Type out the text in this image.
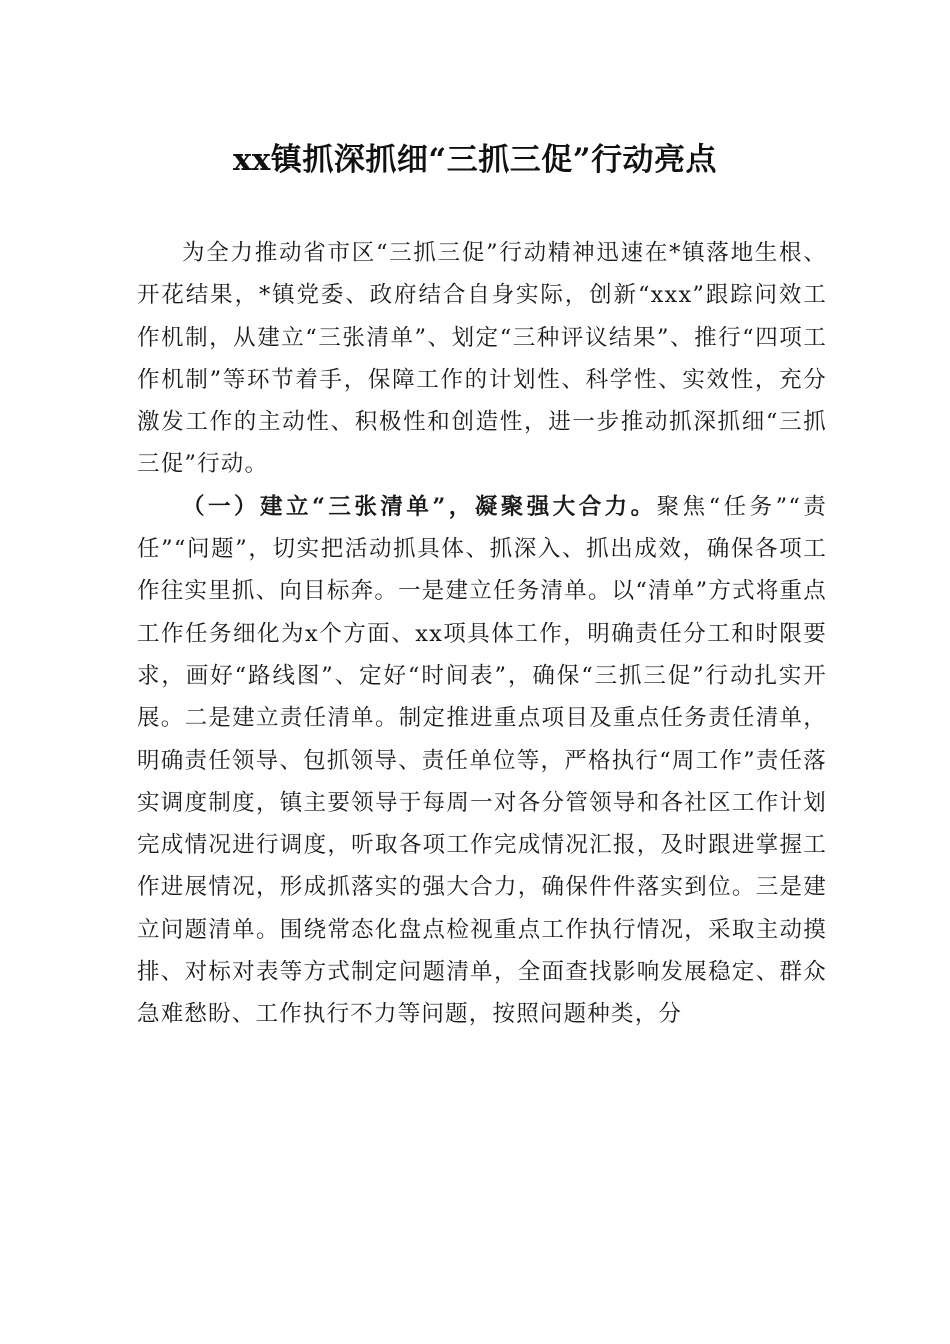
xx镇抓深抓细“三抓三促”行动亮点

为全力推动省市区“三抓三促”行动精神迅速在*镇落地生根、开花结果，*镇党委、政府结合自身实际，创新“xxx”跟踪问效工作机制，从建立“三张清单”、划定“三种评议结果”、推行“四项工作机制”等环节着手，保障工作的计划性、科学性、实效性，充分激发工作的主动性、积极性和创造性，进一步推动抓深抓细“三抓三促”行动。

（一）建立“三张清单”，凝聚强大合力。聚焦“任务”“责任”“问题”，切实把活动抓具体、抓深入、抓出成效，确保各项工作往实里抓、向目标奔。一是建立任务清单。以“清单”方式将重点工作任务细化为x个方面、xx项具体工作，明确责任分工和时限要求，画好“路线图”、定好“时间表”，确保“三抓三促”行动扎实开展。二是建立责任清单。制定推进重点项目及重点任务责任清单，明确责任领导、包抓领导、责任单位等，严格执行“周工作”责任落实调度制度，镇主要领导于每周一对各分管领导和各社区工作计划完成情况进行调度，听取各项工作完成情况汇报，及时跟进掌握工作进展情况，形成抓落实的强大合力，确保件件落实到位。三是建立问题清单。围绕常态化盘点检视重点工作执行情况，采取主动摸排、对标对表等方式制定问题清单，全面查找影响发展稳定、群众急难愁盼、工作执行不力等问题，按照问题种类，分
